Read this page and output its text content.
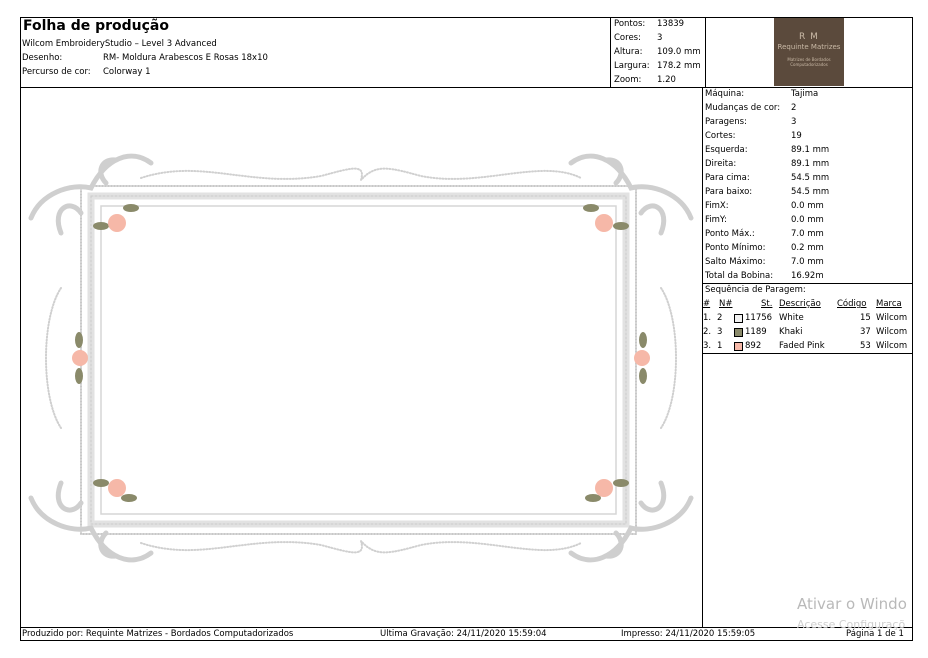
Folha de produção
Wilcom EmbroideryStudio – Level 3 Advanced
Desenho:	RM- Moldura Arabescos E Rosas 18x10
Percurso de cor: Colorway 1
Pontos: 13839
Cores: 3
Altura: 109.0 mm
Largura: 178.2 mm
Zoom: 1.20
R M
Requinte Matrizes
Matrizes de Bordados Computadorizados
Máquina:	Tajima
Mudanças de cor: 2
Paragens:	3
Cortes:	19
Esquerda:	89.1 mm
Direita:	89.1 mm
Para cima:	54.5 mm
Para baixo:	54.5 mm
FimX:	0.0 mm
FimY:	0.0 mm
Ponto Máx.:	7.0 mm
Ponto Mínimo:	0.2 mm
Salto Máximo:	7.0 mm
Total da Bobina: 16.92m
Sequência de Paragem:
# N#	St. Descrição Código Marca
1. 2	11756 White	15 Wilcom
2. 3	1189 Khaki	37 Wilcom
3. 1	892 Faded Pink	53 Wilcom
Produzido por: Requinte Matrizes - Bordados Computadorizados	Ultima Gravação: 24/11/2020 15:59:04	Impresso: 24/11/2020 15:59:05	Página 1 de 1
Ativar o Windo
Acesse Configuraçõ
